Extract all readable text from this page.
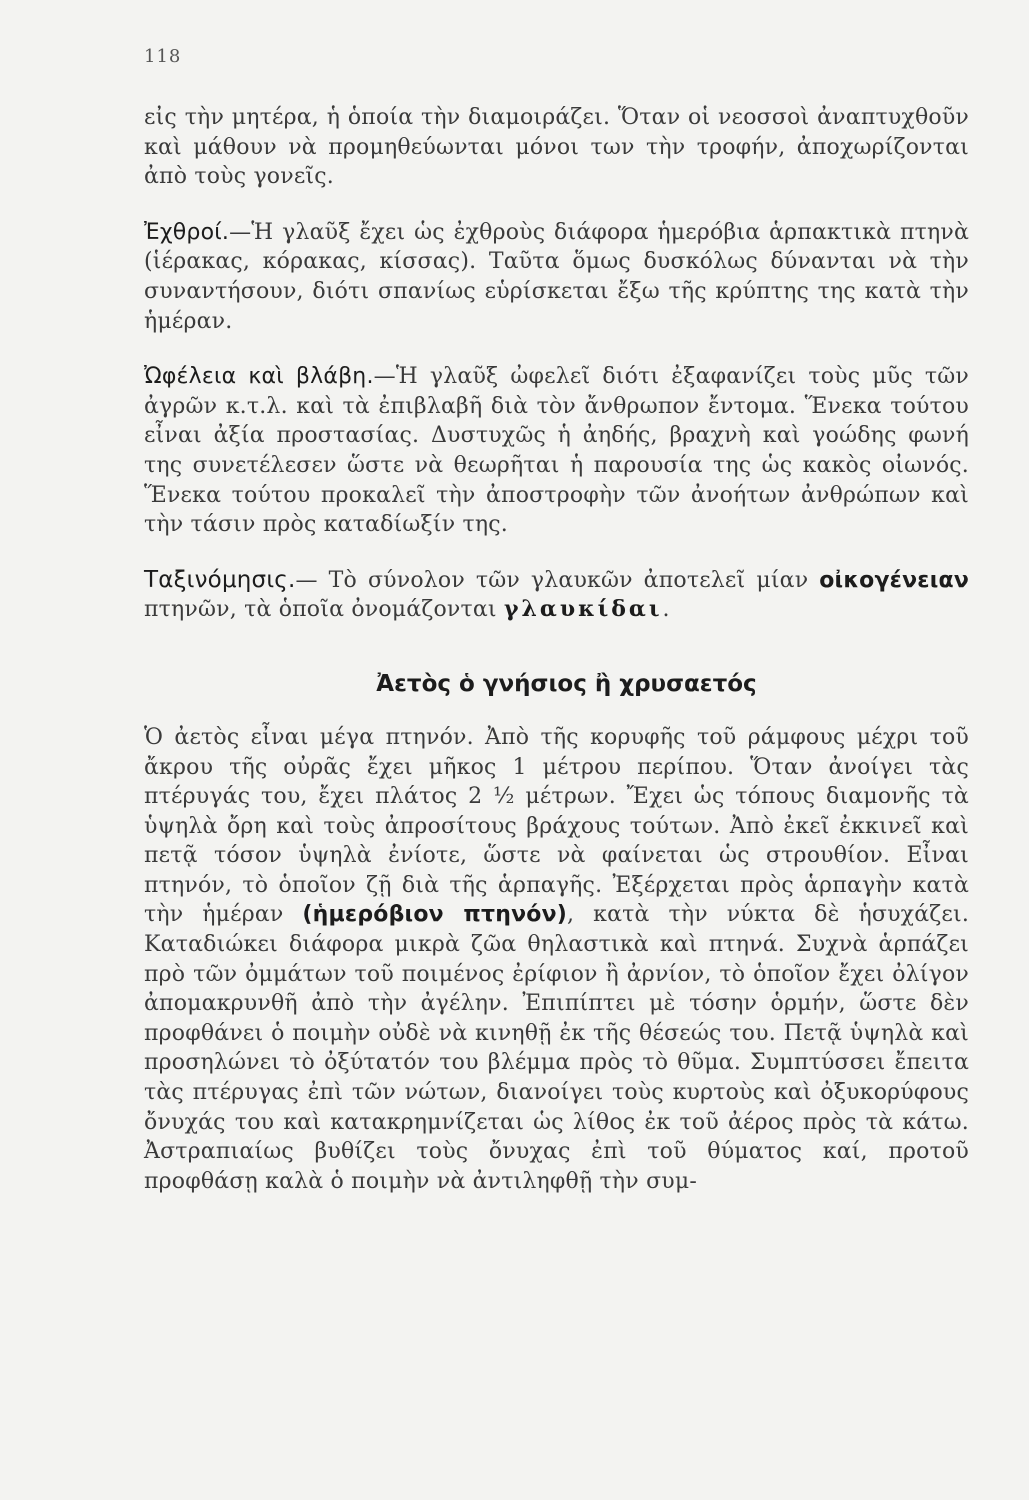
118

εἰς τὴν μητέρα, ἡ ὁποία τὴν διαμοιράζει. Ὅταν οἱ νεοσσοὶ ἀναπτυχθοῦν καὶ μάθουν νὰ προμηθεύωνται μόνοι των τὴν τροφήν, ἀποχωρίζονται ἀπὸ τοὺς γονεῖς.

Ἐχθροί.—Ἡ γλαῦξ ἔχει ὡς ἐχθροὺς διάφορα ἡμερόβια ἁρπακτικὰ πτηνὰ (ἱέρακας, κόρακας, κίσσας). Ταῦτα ὅμως δυσκόλως δύνανται νὰ τὴν συναντήσουν, διότι σπανίως εὑρίσκεται ἔξω τῆς κρύπτης της κατὰ τὴν ἡμέραν.

Ὠφέλεια καὶ βλάβη.—Ἡ γλαῦξ ὠφελεῖ διότι ἐξαφανίζει τοὺς μῦς τῶν ἀγρῶν κ.τ.λ. καὶ τὰ ἐπιβλαβῆ διὰ τὸν ἄνθρωπον ἔντομα. Ἕνεκα τούτου εἶναι ἀξία προστασίας. Δυστυχῶς ἡ ἀηδής, βραχνὴ καὶ γοώδης φωνή της συνετέλεσεν ὥστε νὰ θεωρῆται ἡ παρουσία της ὡς κακὸς οἰωνός. Ἕνεκα τούτου προκαλεῖ τὴν ἀποστροφὴν τῶν ἀνοήτων ἀνθρώπων καὶ τὴν τάσιν πρὸς καταδίωξίν της.

Ταξινόμησις.— Τὸ σύνολον τῶν γλαυκῶν ἀποτελεῖ μίαν οἰκογένειαν πτηνῶν, τὰ ὁποῖα ὀνομάζονται γλαυκίδαι.

Ἀετὸς ὁ γνήσιος ἢ χρυσαετός

Ὁ ἀετὸς εἶναι μέγα πτηνόν. Ἀπὸ τῆς κορυφῆς τοῦ ράμφους μέχρι τοῦ ἄκρου τῆς οὐρᾶς ἔχει μῆκος 1 μέτρου περίπου. Ὅταν ἀνοίγει τὰς πτέρυγάς του, ἔχει πλάτος 2 ½ μέτρων. Ἔχει ὡς τόπους διαμονῆς τὰ ὑψηλὰ ὄρη καὶ τοὺς ἀπροσίτους βράχους τούτων. Ἀπὸ ἐκεῖ ἐκκινεῖ καὶ πετᾷ τόσον ὑψηλὰ ἐνίοτε, ὥστε νὰ φαίνεται ὡς στρουθίον. Εἶναι πτηνόν, τὸ ὁποῖον ζῇ διὰ τῆς ἁρπαγῆς. Ἐξέρχεται πρὸς ἁρπαγὴν κατὰ τὴν ἡμέραν (ἡμερόβιον πτηνόν), κατὰ τὴν νύκτα δὲ ἡσυχάζει. Καταδιώκει διάφορα μικρὰ ζῶα θηλαστικὰ καὶ πτηνά. Συχνὰ ἁρπάζει πρὸ τῶν ὀμμάτων τοῦ ποιμένος ἐρίφιον ἢ ἀρνίον, τὸ ὁποῖον ἔχει ὀλίγον ἀπομακρυνθῆ ἀπὸ τὴν ἀγέλην. Ἐπιπίπτει μὲ τόσην ὁρμήν, ὥστε δὲν προφθάνει ὁ ποιμὴν οὐδὲ νὰ κινηθῇ ἐκ τῆς θέσεώς του. Πετᾷ ὑψηλὰ καὶ προσηλώνει τὸ ὀξύτατόν του βλέμμα πρὸς τὸ θῦμα. Συμπτύσσει ἔπειτα τὰς πτέρυγας ἐπὶ τῶν νώτων, διανοίγει τοὺς κυρτοὺς καὶ ὀξυκορύφους ὄνυχάς του καὶ κατακρημνίζεται ὡς λίθος ἐκ τοῦ ἀέρος πρὸς τὰ κάτω. Ἀστραπιαίως βυθίζει τοὺς ὄνυχας ἐπὶ τοῦ θύματος καί, προτοῦ προφθάσῃ καλὰ ὁ ποιμὴν νὰ ἀντιληφθῇ τὴν συμ-
